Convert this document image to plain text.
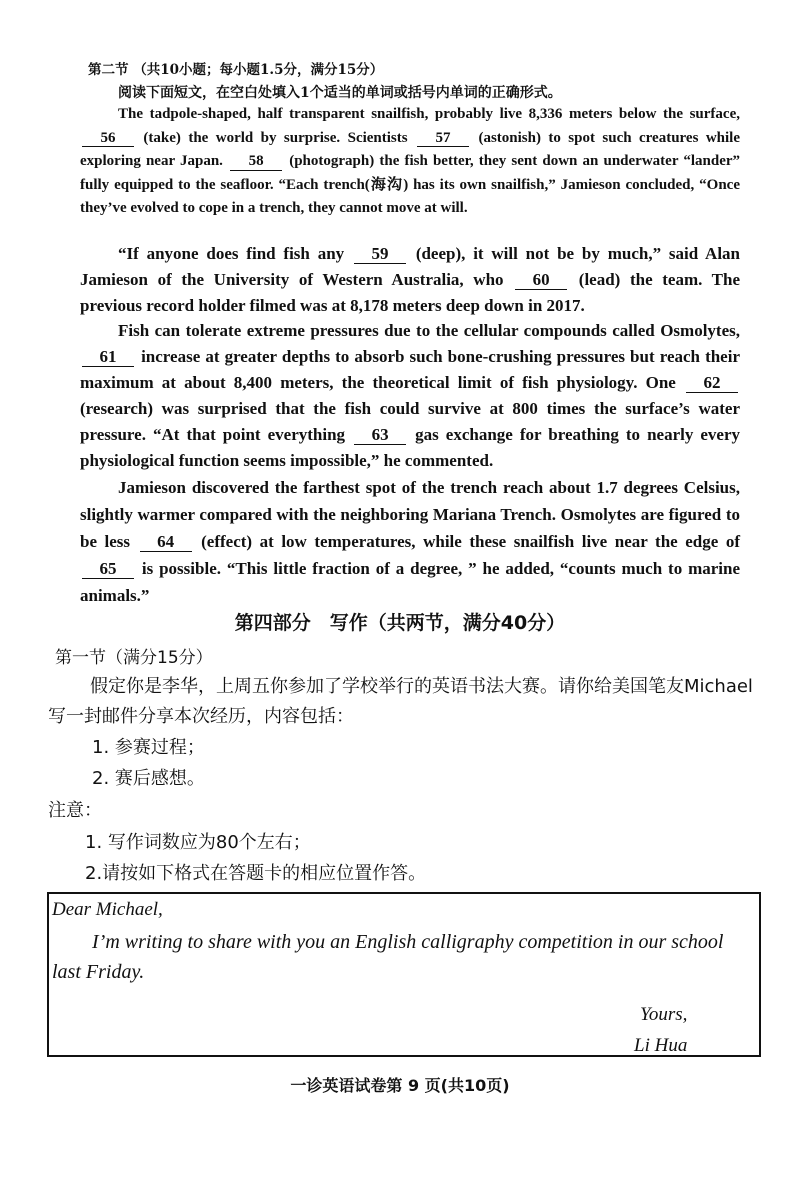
第二节 （共10小题；每小题1.5分，满分15分）
阅读下面短文，在空白处填入1个适当的单词或括号内单词的正确形式。
The tadpole-shaped, half transparent snailfish, probably live 8,336 meters below the surface, 56 (take) the world by surprise. Scientists 57 (astonish) to spot such creatures while exploring near Japan. 58 (photograph) the fish better, they sent down an underwater “lander” fully equipped to the seafloor. “Each trench(海沟) has its own snailfish,” Jamieson concluded, “Once they’ve evolved to cope in a trench, they cannot move at will.
“If anyone does find fish any 59 (deep), it will not be by much,” said Alan Jamieson of the University of Western Australia, who 60 (lead) the team. The previous record holder filmed was at 8,178 meters deep down in 2017.
Fish can tolerate extreme pressures due to the cellular compounds called Osmolytes, 61 increase at greater depths to absorb such bone-crushing pressures but reach their maximum at about 8,400 meters, the theoretical limit of fish physiology. One 62 (research) was surprised that the fish could survive at 800 times the surface’s water pressure. “At that point everything 63 gas exchange for breathing to nearly every physiological function seems impossible,” he commented.
Jamieson discovered the farthest spot of the trench reach about 1.7 degrees Celsius, slightly warmer compared with the neighboring Mariana Trench. Osmolytes are figured to be less 64 (effect) at low temperatures, while these snailfish live near the edge of 65 is possible. “This little fraction of a degree, ” he added, “counts much to marine animals.”
第四部分　写作（共两节，满分40分）
第一节（满分15分）
假定你是李华，上周五你参加了学校举行的英语书法大赛。请你给美国笔友Michael写一封邮件分享本次经历，内容包括：
1. 参赛过程；
2. 赛后感想。
注意：
1. 写作词数应为80个左右；
2.请按如下格式在答题卡的相应位置作答。
Dear Michael,
I’m writing to share with you an English calligraphy competition in our school
last Friday.
Yours,
Li Hua
一诊英语试卷第 9 页(共10页)
